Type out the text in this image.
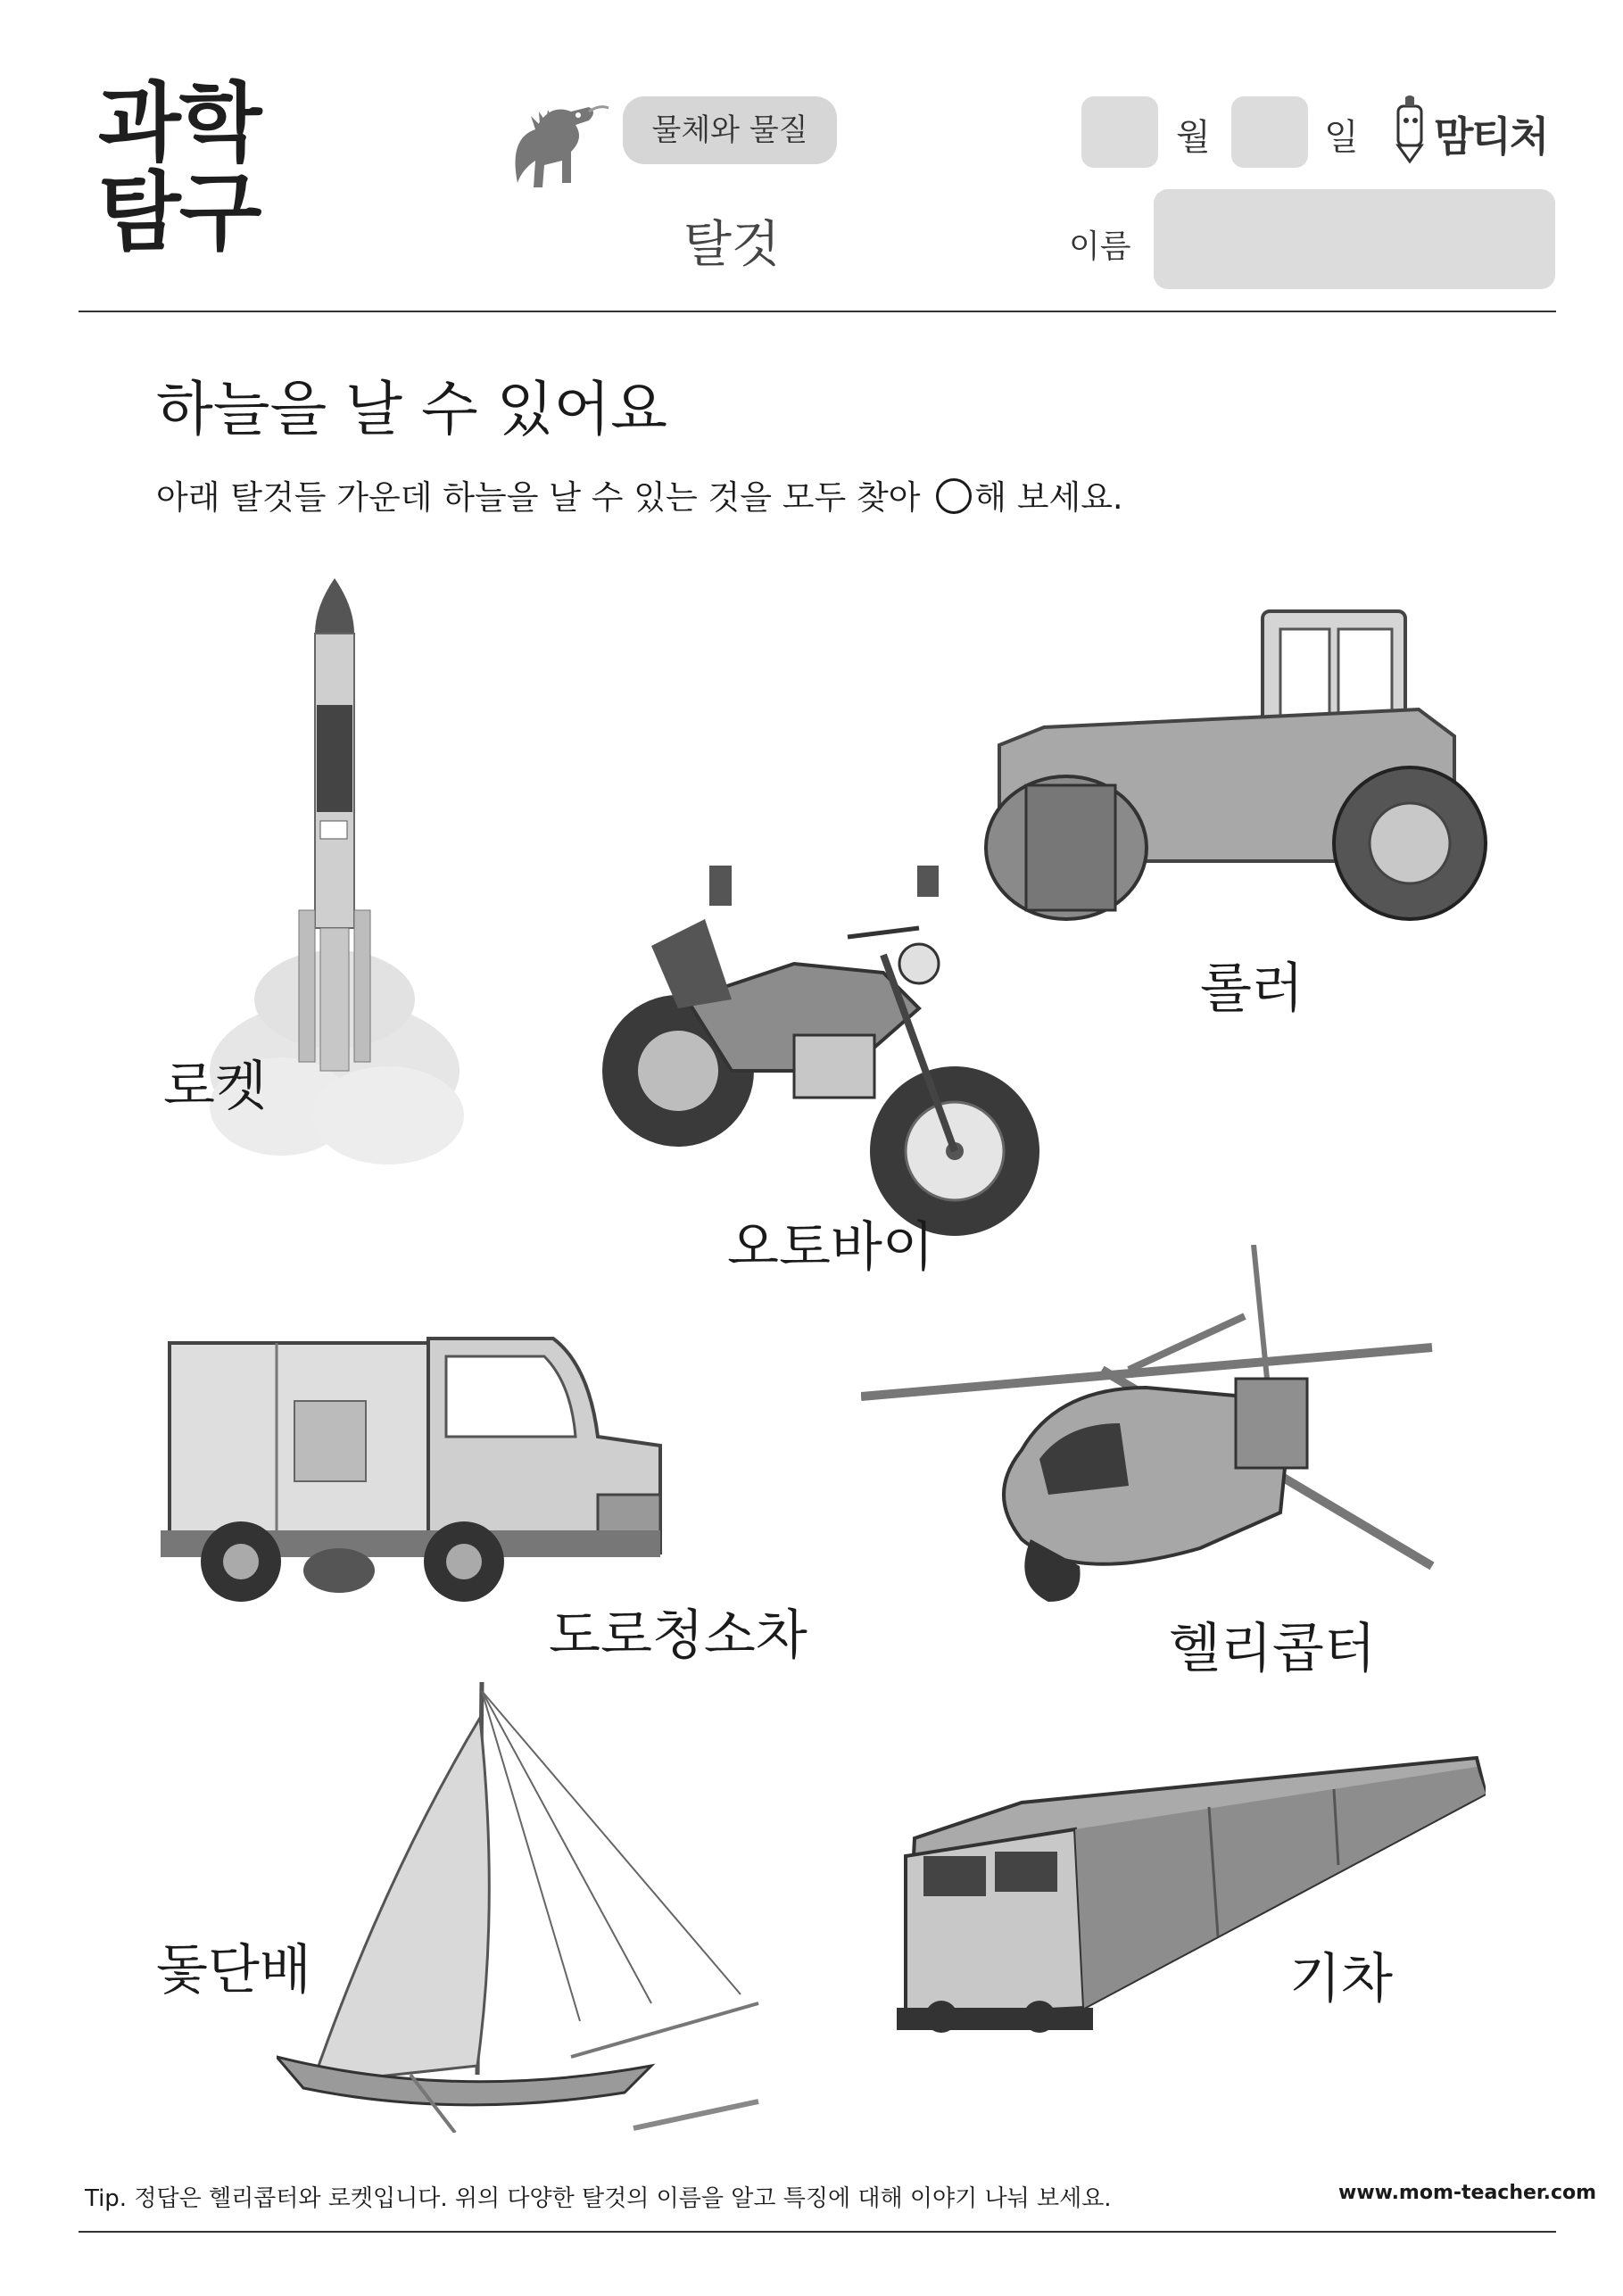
과학
탐구
물체와 물질
탈것
월	일 맘티처
이름
하늘을 날 수 있어요
아래 탈것들 가운데 하늘을 날 수 있는 것을 모두 찾아 해 보세요.
로켓
롤러
오토바이
도로청소차	헬리콥터
돛단배	기차
Tip. 정답은 헬리콥터와 로켓입니다. 위의 다양한 탈것의 이름을 알고 특징에 대해 이야기 나눠 보세요.	www.mom-teacher.com
